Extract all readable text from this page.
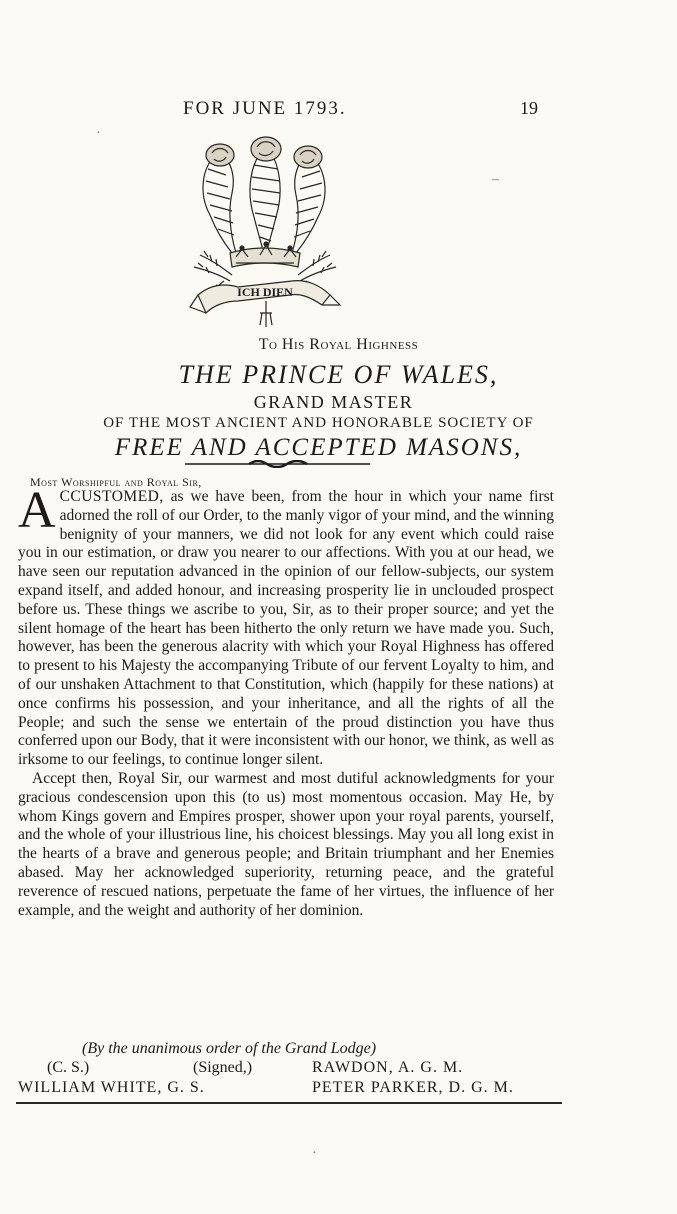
FOR JUNE 1793.	19
·
–
ICH DIEN
To His Royal Highness
THE PRINCE OF WALES,
GRAND MASTER
OF THE MOST ANCIENT AND HONORABLE SOCIETY OF
FREE AND ACCEPTED MASONS,
Most Worshipful and Royal Sir,

ACCUSTOMED, as we have been, from the hour in which your name first adorned the roll of our Order, to the manly vigor of your mind, and the winning benignity of your manners, we did not look for any event which could raise you in our estimation, or draw you nearer to our affections. With you at our head, we have seen our reputation advanced in the opinion of our fellow-subjects, our system expand itself, and added honour, and increasing prosperity lie in unclouded prospect before us. These things we ascribe to you, Sir, as to their proper source; and yet the silent homage of the heart has been hitherto the only return we have made you. Such, however, has been the generous alacrity with which your Royal Highness has offered to present to his Majesty the accompanying Tribute of our fervent Loyalty to him, and of our unshaken Attachment to that Constitution, which (happily for these nations) at once confirms his possession, and your inheritance, and all the rights of all the People; and such the sense we entertain of the proud distinction you have thus conferred upon our Body, that it were inconsistent with our honor, we think, as well as irksome to our feelings, to continue longer silent.

Accept then, Royal Sir, our warmest and most dutiful acknowledgments for your gracious condescension upon this (to us) most momentous occasion. May He, by whom Kings govern and Empires prosper, shower upon your royal parents, yourself, and the whole of your illustrious line, his choicest blessings. May you all long exist in the hearts of a brave and generous people; and Britain triumphant and her Enemies abased. May her acknowledged superiority, returning peace, and the grateful reverence of rescued nations, perpetuate the fame of her virtues, the influence of her example, and the weight and authority of her dominion.

(By the unanimous order of the Grand Lodge)
(C. S.)	(Signed,)	RAWDON, A. G. M.
WILLIAM WHITE, G. S.	PETER PARKER, D. G. M.
·
